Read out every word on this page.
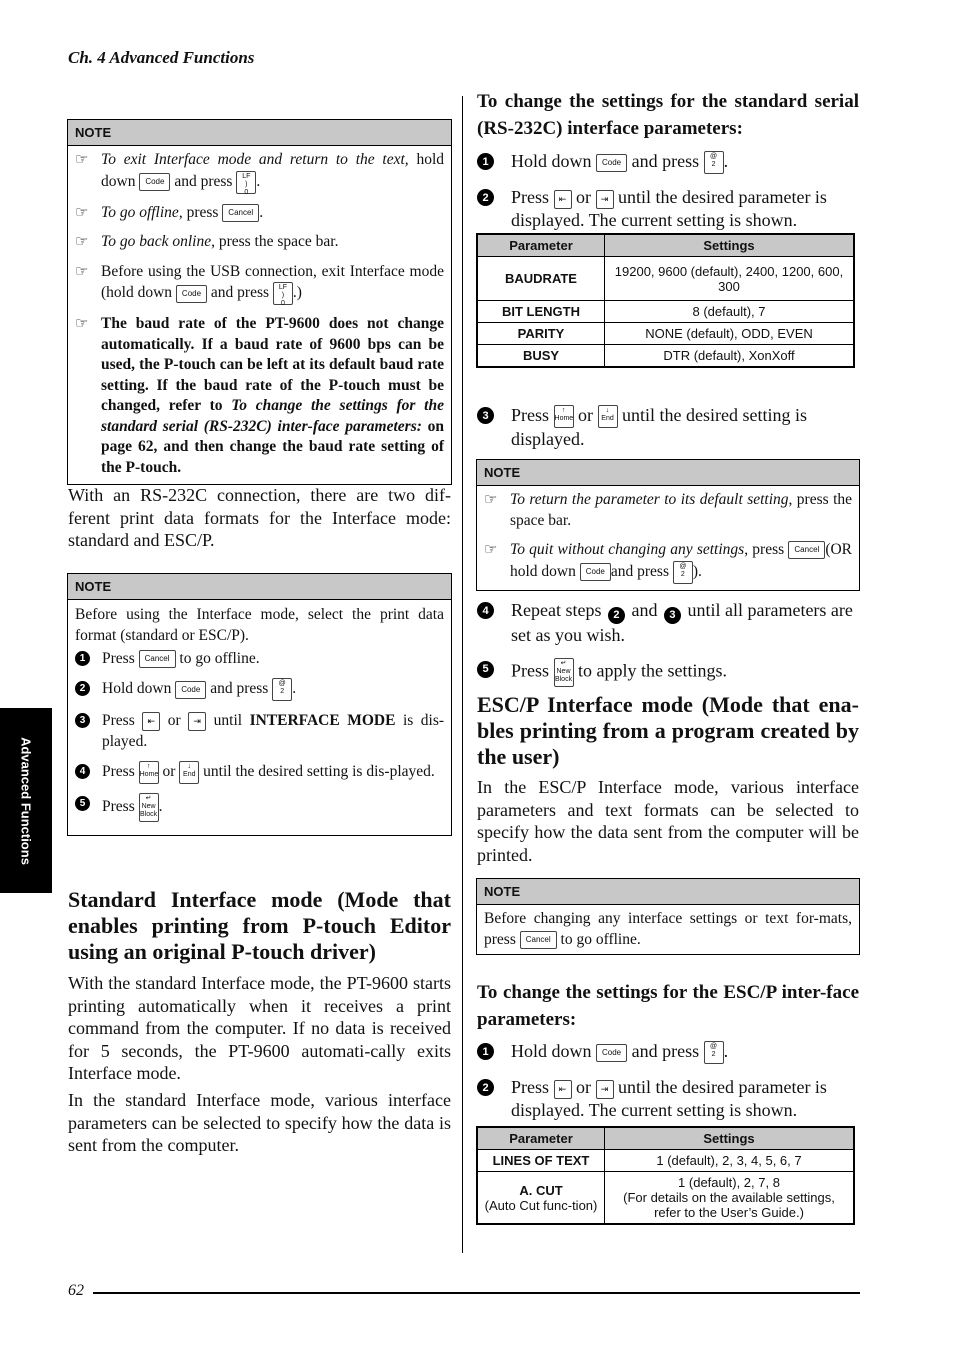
Ch. 4 Advanced Functions
Advanced Functions
NOTE
☞ To exit Interface mode and return to the text, hold down Code and press LF
)
0.
☞ To go offline, press Cancel .
☞ To go back online, press the space bar.
☞ Before using the USB connection, exit Interface mode (hold down Code and press LF
)
0.)
☞ The baud rate of the PT-9600 does not change automatically. If a baud rate of 9600 bps can be used, the P-touch can be left at its default baud rate setting. If the baud rate of the P-touch must be changed, refer to To change the settings for the standard serial (RS-232C) inter-face parameters: on page 62, and then change the baud rate setting of the P-touch.
With an RS-232C connection, there are two dif-ferent print data formats for the Interface mode: standard and ESC/P.
NOTE
Before using the Interface mode, select the print data format (standard or ESC/P).
1	Press Cancel to go offline.
2	Hold down Code and press @
2 .
3	Press ⇤ or ⇥ until INTERFACE MODE is dis-played.
4	Press ↑
Home or ↓
End until the desired setting is dis-played.
5	Press ↵
New Block.
Standard Interface mode (Mode that enables printing from P-touch Editor using an original P-touch driver)
With the standard Interface mode, the PT-9600 starts printing automatically when it receives a print command from the computer. If no data is received for 5 seconds, the PT-9600 automati-cally exits Interface mode.
In the standard Interface mode, various interface parameters can be selected to specify how the data is sent from the computer.
To change the settings for the standard serial (RS-232C) interface parameters:
1	Hold down Code and press @
2 .
2	Press ⇤ or ⇥ until the desired parameter is displayed. The current setting is shown.
Parameter	Settings
BAUDRATE	19200, 9600 (default), 2400, 1200, 600, 300
BIT LENGTH	8 (default), 7
PARITY	NONE (default), ODD, EVEN
BUSY	DTR (default), XonXoff
3	Press ↑
Home or ↓
End until the desired setting is displayed.
NOTE
☞ To return the parameter to its default setting, press the space bar.
☞ To quit without changing any settings, press Cancel (OR hold down Code and press @
2 ).
4	Repeat steps 2 and 3 until all parameters are set as you wish.
5	Press ↵
New Block to apply the settings.
ESC/P Interface mode (Mode that ena-bles printing from a program created by the user)
In the ESC/P Interface mode, various interface parameters and text formats can be selected to specify how the data sent from the computer will be printed.
NOTE
Before changing any interface settings or text for-mats, press Cancel to go offline.
To change the settings for the ESC/P inter-face parameters:
1	Hold down Code and press @
2 .
2	Press ⇤ or ⇥ until the desired parameter is displayed. The current setting is shown.
Parameter	Settings
LINES OF TEXT	1 (default), 2, 3, 4, 5, 6, 7
A. CUT
(Auto Cut func-tion)	1 (default), 2, 7, 8
(For details on the available settings, refer to the User’s Guide.)
62
